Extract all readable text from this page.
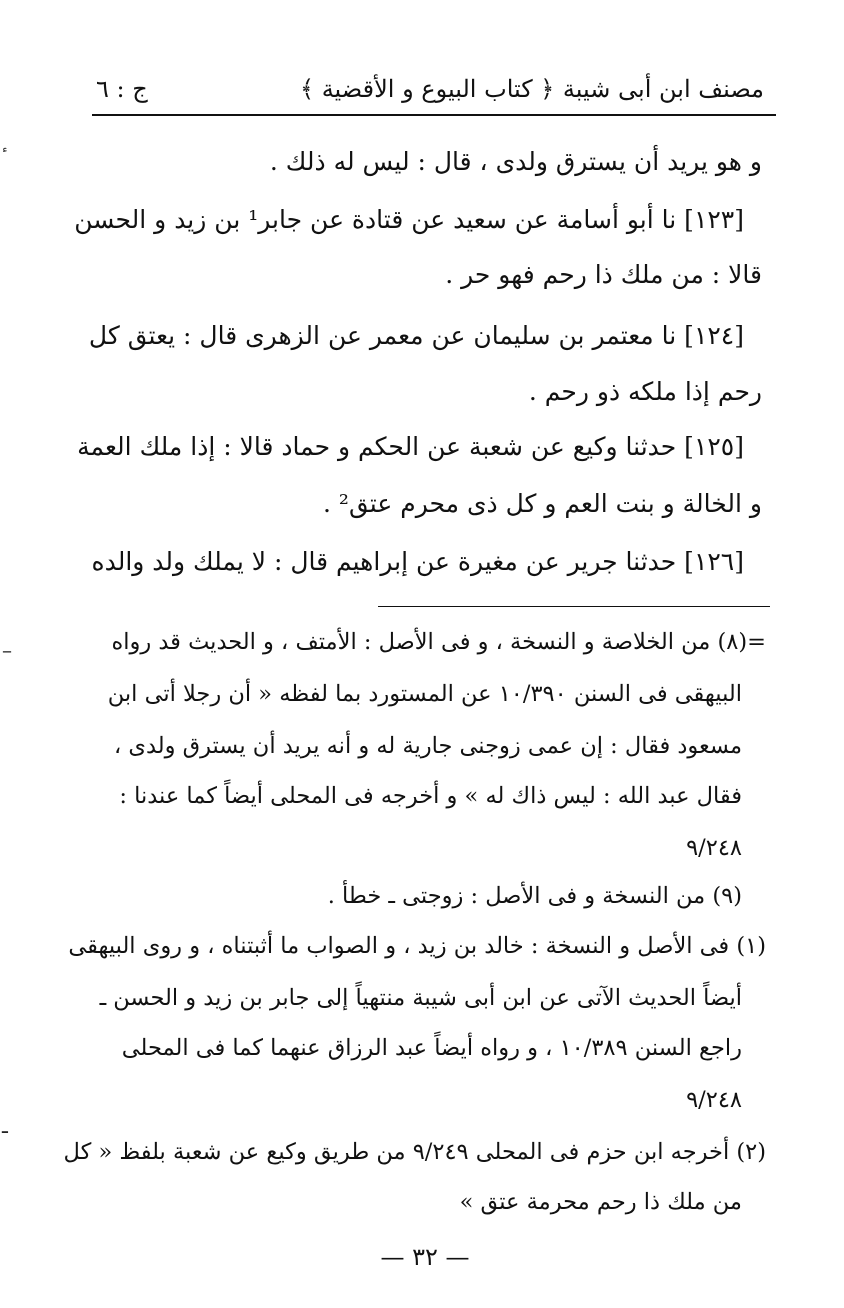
مصنف ابن أبى شيبة
﴿ كتاب البيوع و الأقضية ﴾
ج : ٦
و هو يريد أن يسترق ولدى ، قال : ليس له ذلك .
[١٢٣] نا أبو أسامة عن سعيد عن قتادة عن جابر¹ بن زيد و الحسن
قالا : من ملك ذا رحم فهو حر .
[١٢٤] نا معتمر بن سليمان عن معمر عن الزهرى قال : يعتق كل
رحم إذا ملكه ذو رحم .
[١٢٥] حدثنا وكيع عن شعبة عن الحكم و حماد قالا : إذا ملك العمة
و الخالة و بنت العم و كل ذى محرم عتق² .
[١٢٦] حدثنا جرير عن مغيرة عن إبراهيم قال : لا يملك ولد والده
=(٨) من الخلاصة و النسخة ، و فى الأصل : الأمتف ، و الحديث قد رواه
البيهقى فى السنن ١٠/٣٩٠ عن المستورد بما لفظه « أن رجلا أتى ابن
مسعود فقال : إن عمى زوجنى جارية له و أنه يريد أن يسترق ولدى ،
فقال عبد الله : ليس ذاك له » و أخرجه فى المحلى أيضاً كما عندنا :
٩/٢٤٨
(٩) من النسخة و فى الأصل : زوجتى ـ خطأ .
(١) فى الأصل و النسخة : خالد بن زيد ، و الصواب ما أثبتناه ، و روى البيهقى
أيضاً الحديث الآتى عن ابن أبى شيبة منتهياً إلى جابر بن زيد و الحسن ـ
راجع السنن ١٠/٣٨٩ ، و رواه أيضاً عبد الرزاق عنهما كما فى المحلى
٩/٢٤٨
(٢) أخرجه ابن حزم فى المحلى ٩/٢٤٩ من طريق وكيع عن شعبة بلفظ « كل
من ملك ذا رحم محرمة عتق »
— ٣٢ —
ٴ
–
ـ
